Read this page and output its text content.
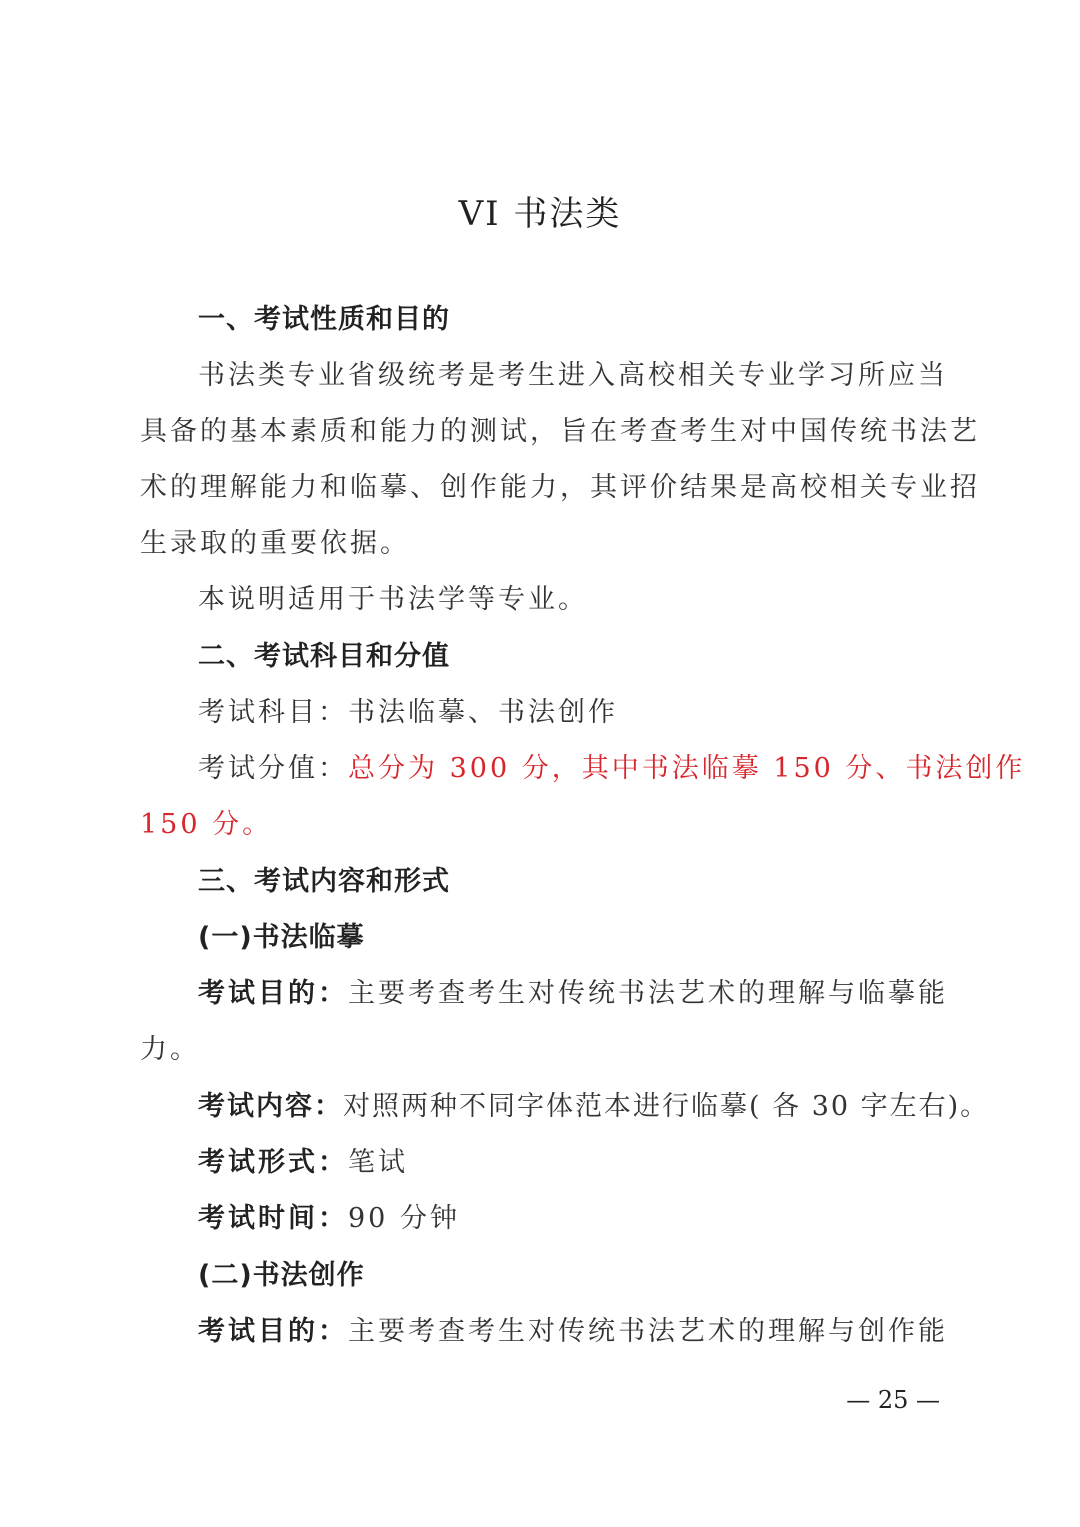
VI 书法类
一、考试性质和目的
书法类专业省级统考是考生进入高校相关专业学习所应当
具备的基本素质和能力的测试，旨在考查考生对中国传统书法艺
术的理解能力和临摹、创作能力，其评价结果是高校相关专业招
生录取的重要依据。
本说明适用于书法学等专业。
二、考试科目和分值
考试科目：书法临摹、书法创作
考试分值：总分为 300 分，其中书法临摹 150 分、书法创作
150 分。
三、考试内容和形式
(一)书法临摹
考试目的：主要考查考生对传统书法艺术的理解与临摹能
力。
考试内容：对照两种不同字体范本进行临摹( 各 30 字左右)。
考试形式：笔试
考试时间：90 分钟
(二)书法创作
考试目的：主要考查考生对传统书法艺术的理解与创作能
— 25 —
